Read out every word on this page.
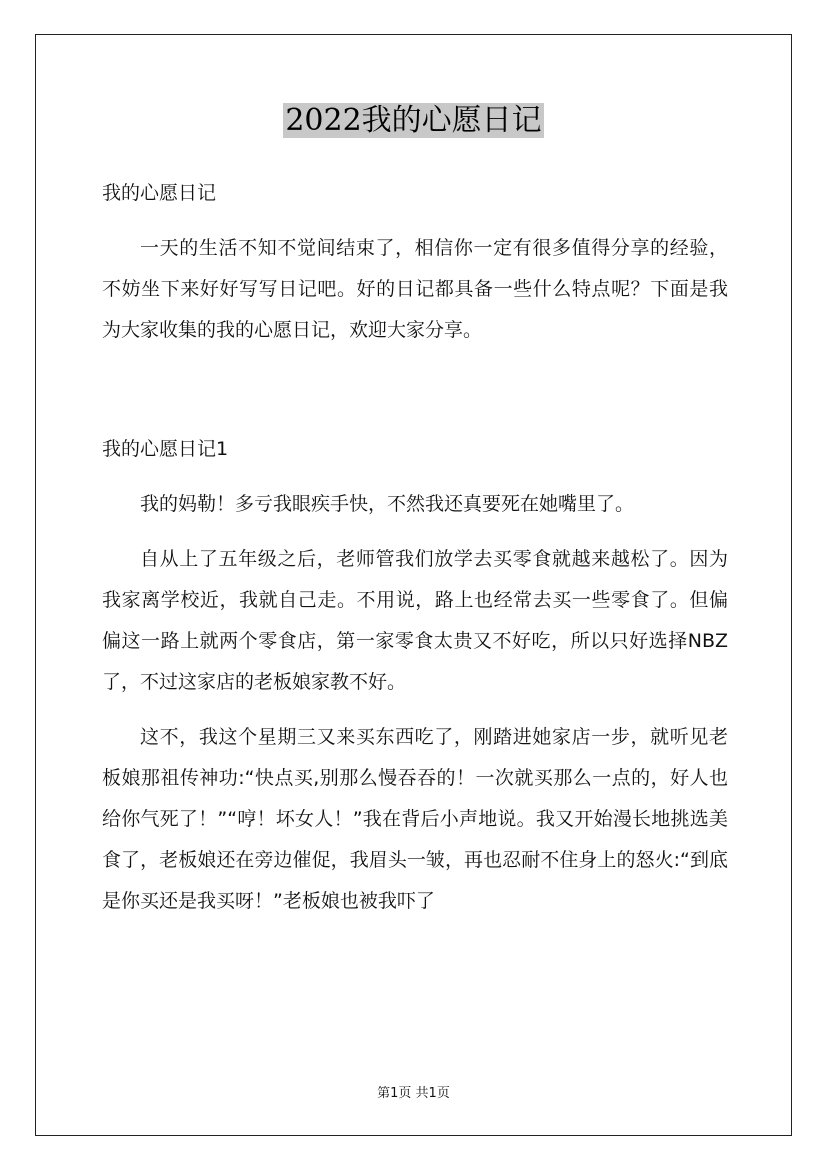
2022我的心愿日记

我的心愿日记

一天的生活不知不觉间结束了，相信你一定有很多值得分享的经验，不妨坐下来好好写写日记吧。好的日记都具备一些什么特点呢？下面是我为大家收集的我的心愿日记，欢迎大家分享。

我的心愿日记1

我的妈勒！多亏我眼疾手快，不然我还真要死在她嘴里了。

自从上了五年级之后，老师管我们放学去买零食就越来越松了。因为我家离学校近，我就自己走。不用说，路上也经常去买一些零食了。但偏偏这一路上就两个零食店，第一家零食太贵又不好吃，所以只好选择NBZ了，不过这家店的老板娘家教不好。

这不，我这个星期三又来买东西吃了，刚踏进她家店一步，就听见老板娘那祖传神功:“快点买,别那么慢吞吞的！一次就买那么一点的，好人也给你气死了！”“哼！坏女人！”我在背后小声地说。我又开始漫长地挑选美食了，老板娘还在旁边催促，我眉头一皱，再也忍耐不住身上的怒火:“到底是你买还是我买呀！”老板娘也被我吓了

第1页 共1页
